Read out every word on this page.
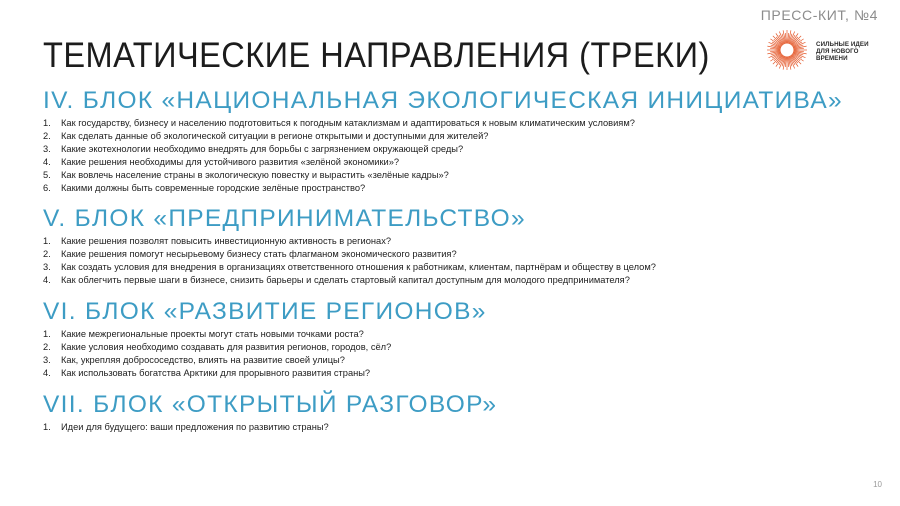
ПРЕСС-КИТ, №4
ТЕМАТИЧЕСКИЕ НАПРАВЛЕНИЯ (ТРЕКИ)	СИЛЬНЫЕ ИДЕИ
ДЛЯ НОВОГО
ВРЕМЕНИ
IV. БЛОК «НАЦИОНАЛЬНАЯ ЭКОЛОГИЧЕСКАЯ ИНИЦИАТИВА»
1.	Как государству, бизнесу и населению подготовиться к погодным катаклизмам и адаптироваться к новым климатическим условиям?
2.	Как сделать данные об экологической ситуации в регионе открытыми и доступными для жителей?
3.	Какие экотехнологии необходимо внедрять для борьбы с загрязнением окружающей среды?
4.	Какие решения необходимы для устойчивого развития «зелёной экономики»?
5.	Как вовлечь население страны в экологическую повестку и вырастить «зелёные кадры»?
6.	Какими должны быть современные городские зелёные пространство?
V. БЛОК «ПРЕДПРИНИМАТЕЛЬСТВО»
1.	Какие решения позволят повысить инвестиционную активность в регионах?
2.	Какие решения помогут несырьевому бизнесу стать флагманом экономического развития?
3.	Как создать условия для внедрения в организациях ответственного отношения к работникам, клиентам, партнёрам и обществу в целом?
4.	Как облегчить первые шаги в бизнесе, снизить барьеры и сделать стартовый капитал доступным для молодого предпринимателя?
VI. БЛОК «РАЗВИТИЕ РЕГИОНОВ»
1.	Какие межрегиональные проекты могут стать новыми точками роста?
2.	Какие условия необходимо создавать для развития регионов, городов, сёл?
3.	Как, укрепляя добрососедство, влиять на развитие своей улицы?
4.	Как использовать богатства Арктики для прорывного развития страны?
VII. БЛОК «ОТКРЫТЫЙ РАЗГОВОР»
1.	Идеи для будущего: ваши предложения по развитию страны?
10
